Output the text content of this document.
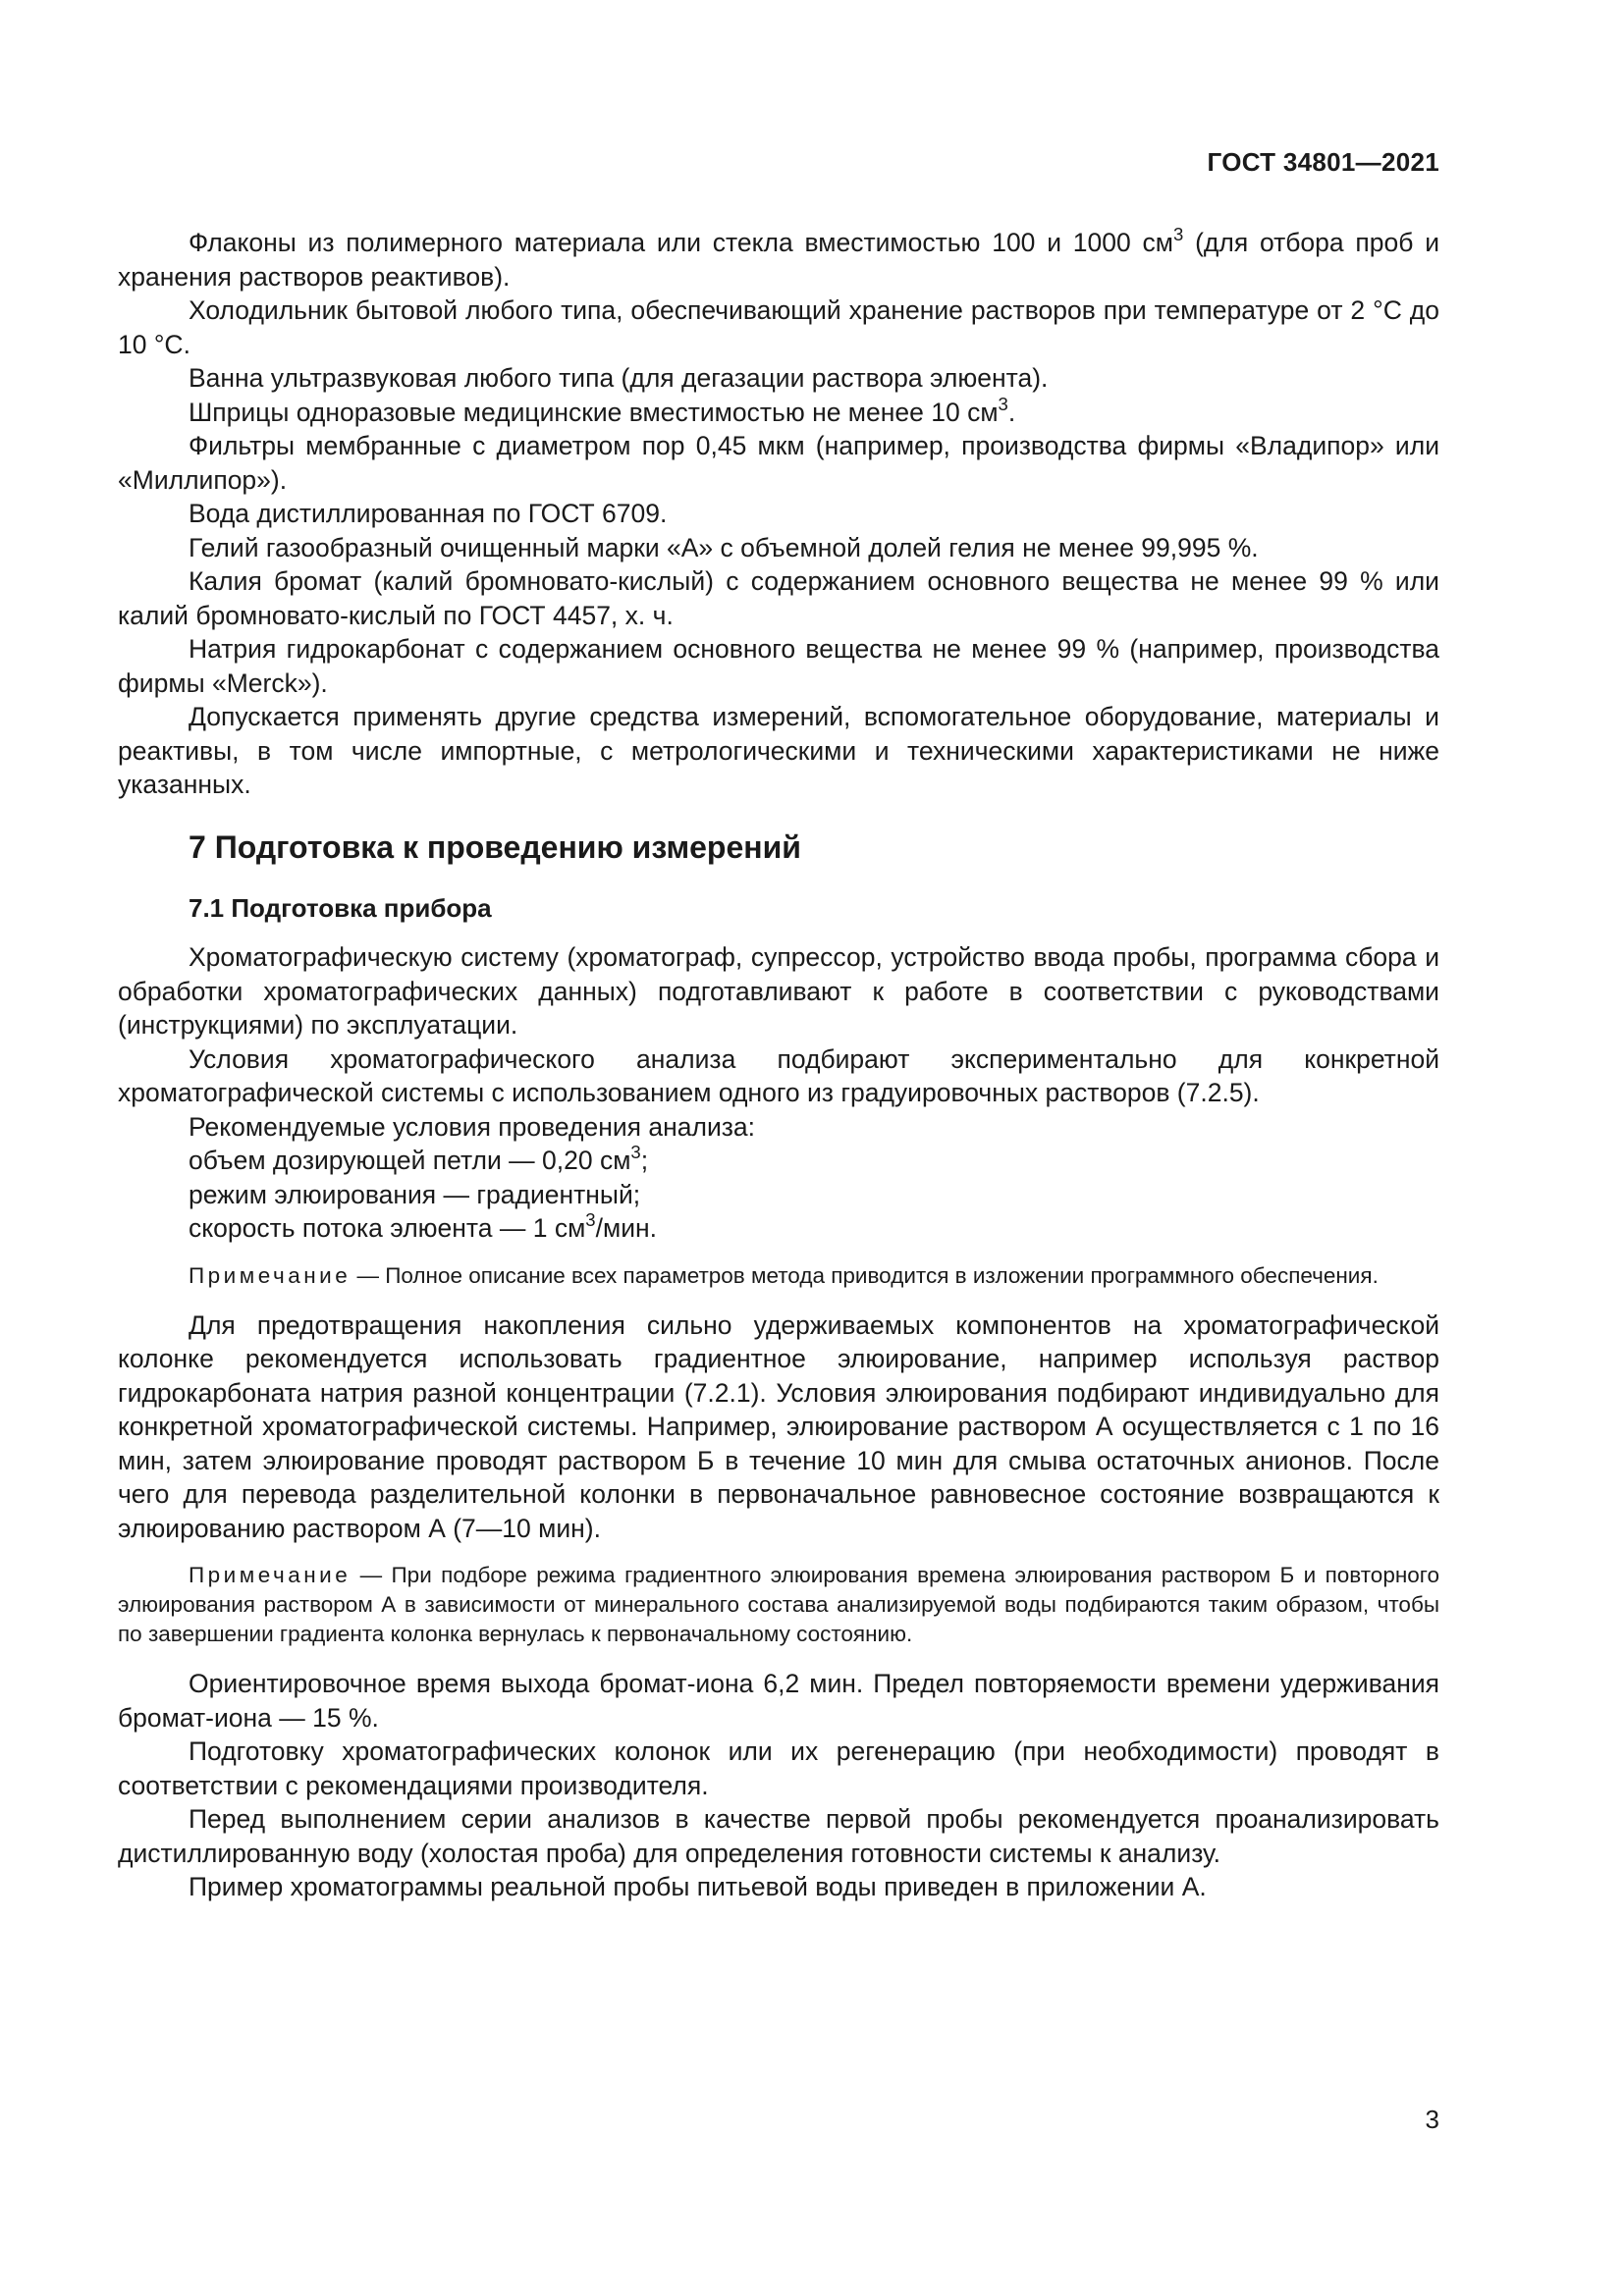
ГОСТ 34801—2021

Флаконы из полимерного материала или стекла вместимостью 100 и 1000 $см^3$ (для отбора проб и хранения растворов реактивов).

Холодильник бытовой любого типа, обеспечивающий хранение растворов при температуре от 2 °С до 10 °С.

Ванна ультразвуковая любого типа (для дегазации раствора элюента).

Шприцы одноразовые медицинские вместимостью не менее 10 $см^3$.

Фильтры мембранные с диаметром пор 0,45 мкм (например, производства фирмы «Владипор» или «Миллипор»).

Вода дистиллированная по ГОСТ 6709.

Гелий газообразный очищенный марки «А» с объемной долей гелия не менее 99,995 %.

Калия бромат (калий бромновато-кислый) с содержанием основного вещества не менее 99 % или калий бромновато-кислый по ГОСТ 4457, х. ч.

Натрия гидрокарбонат с содержанием основного вещества не менее 99 % (например, производства фирмы «Merck»).

Допускается применять другие средства измерений, вспомогательное оборудование, материалы и реактивы, в том числе импортные, с метрологическими и техническими характеристиками не ниже указанных.

7 Подготовка к проведению измерений
7.1 Подготовка прибора

Хроматографическую систему (хроматограф, супрессор, устройство ввода пробы, программа сбора и обработки хроматографических данных) подготавливают к работе в соответствии с руководствами (инструкциями) по эксплуатации.

Условия хроматографического анализа подбирают экспериментально для конкретной хроматографической системы с использованием одного из градуировочных растворов (7.2.5).

Рекомендуемые условия проведения анализа:

объем дозирующей петли — 0,20 $см^3$;

режим элюирования — градиентный;

скорость потока элюента — 1 $см^3$/мин.

Примечание — Полное описание всех параметров метода приводится в изложении программного обеспечения.

Для предотвращения накопления сильно удерживаемых компонентов на хроматографической колонке рекомендуется использовать градиентное элюирование, например используя раствор гидрокарбоната натрия разной концентрации (7.2.1). Условия элюирования подбирают индивидуально для конкретной хроматографической системы. Например, элюирование раствором А осуществляется с 1 по 16 мин, затем элюирование проводят раствором Б в течение 10 мин для смыва остаточных анионов. После чего для перевода разделительной колонки в первоначальное равновесное состояние возвращаются к элюированию раствором А (7—10 мин).

Примечание — При подборе режима градиентного элюирования времена элюирования раствором Б и повторного элюирования раствором А в зависимости от минерального состава анализируемой воды подбираются таким образом, чтобы по завершении градиента колонка вернулась к первоначальному состоянию.

Ориентировочное время выхода бромат-иона 6,2 мин. Предел повторяемости времени удерживания бромат-иона — 15 %.

Подготовку хроматографических колонок или их регенерацию (при необходимости) проводят в соответствии с рекомендациями производителя.

Перед выполнением серии анализов в качестве первой пробы рекомендуется проанализировать дистиллированную воду (холостая проба) для определения готовности системы к анализу.

Пример хроматограммы реальной пробы питьевой воды приведен в приложении А.

3
